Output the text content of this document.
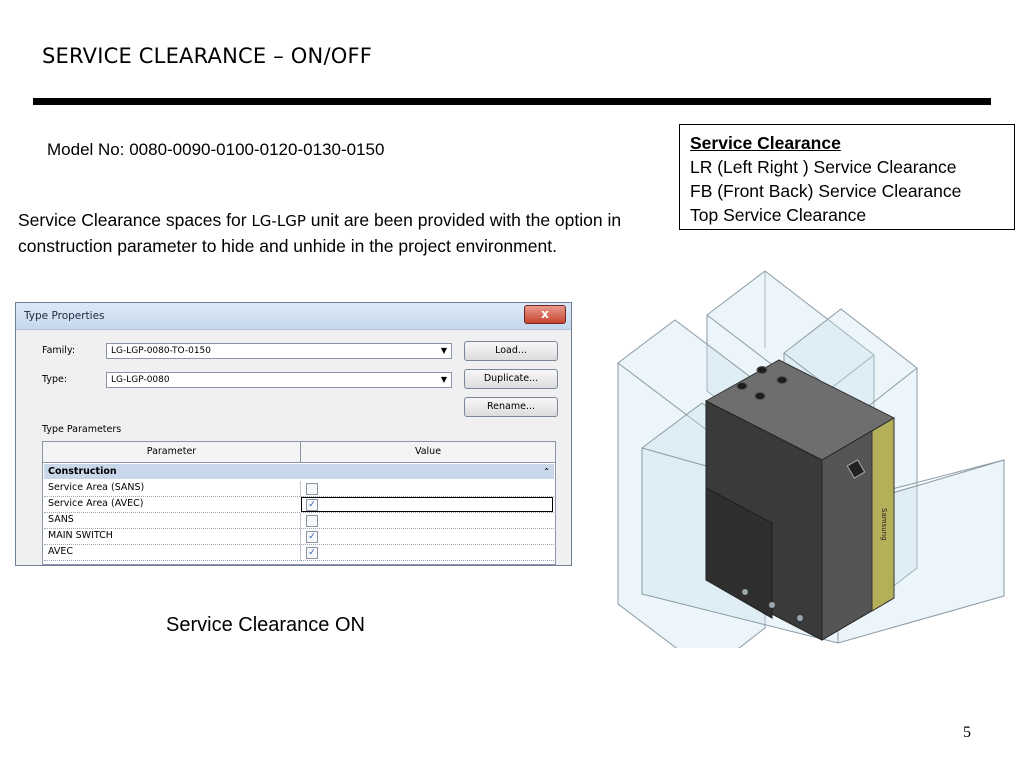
SERVICE CLEARANCE – ON/OFF
Model No: 0080-0090-0100-0120-0130-0150
Service Clearance spaces for LG-LGP unit are been provided with the option in construction parameter to hide and unhide in the project environment.
Service Clearance
LR (Left Right ) Service Clearance
FB (Front Back) Service Clearance
Top Service Clearance
Type Properties	x
Family:	LG-LGP-0080-TO-0150	▼	Load...
Type:	LG-LGP-0080	▼	Duplicate...
Rename...
Type Parameters
Parameter	Value
Construction	⌃
Service Area (SANS)
Service Area (AVEC)	✓
SANS
MAIN SWITCH	✓
AVEC	✓
Service Clearance ON
Samsung
5
